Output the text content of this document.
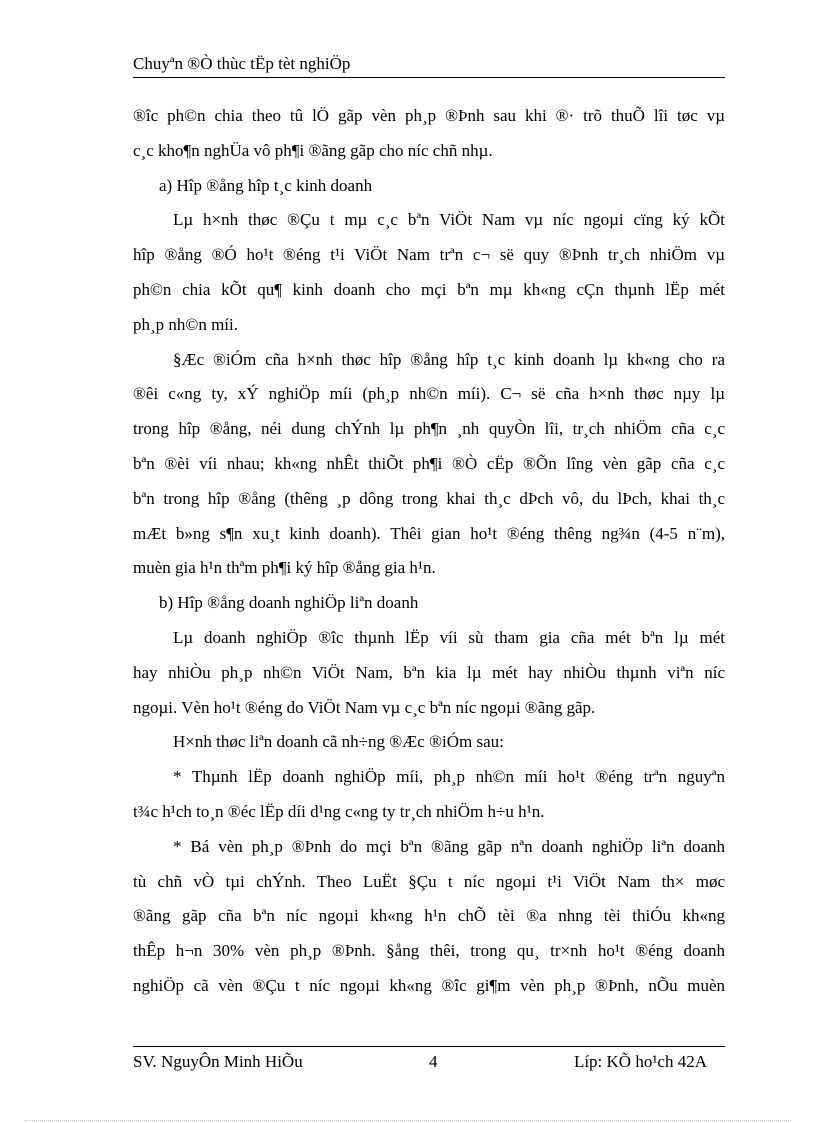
Chuyªn ®Ò thùc tËp tèt nghiÖp
®îc ph©n chia theo tû lÖ gãp vèn ph¸p ®Þnh sau khi ®· trõ thuÕ lîi tøc vµ
c¸c kho¶n nghÜa vô ph¶i ®ãng gãp cho níc chñ nhµ.
a) Hîp ®ång hîp t¸c kinh doanh
Lµ h×nh thøc ®Çu t mµ c¸c bªn ViÖt Nam vµ níc ngoµi cïng ký kÕt
hîp ®ång ®Ó ho¹t ®éng t¹i ViÖt Nam trªn c¬ së quy ®Þnh tr¸ch nhiÖm vµ
ph©n chia kÕt qu¶ kinh doanh cho mçi bªn mµ kh«ng cÇn thµnh lËp mét
ph¸p nh©n míi.
§Æc ®iÓm cña h×nh thøc hîp ®ång hîp t¸c kinh doanh lµ kh«ng cho ra
®êi c«ng ty, xÝ nghiÖp míi (ph¸p nh©n míi). C¬ së cña h×nh thøc nµy lµ
trong hîp ®ång, néi dung chÝnh lµ ph¶n ¸nh quyÒn lîi, tr¸ch nhiÖm cña c¸c
bªn ®èi víi nhau; kh«ng nhÊt thiÕt ph¶i ®Ò cËp ®Õn lîng vèn gãp cña c¸c
bªn trong hîp ®ång (thêng ¸p dông trong khai th¸c dÞch vô, du lÞch, khai th¸c
mÆt b»ng s¶n xu¸t kinh doanh). Thêi gian ho¹t ®éng thêng ng¾n (4-5 n¨m),
muèn gia h¹n thªm ph¶i ký hîp ®ång gia h¹n.
b) Hîp ®ång doanh nghiÖp liªn doanh
Lµ doanh nghiÖp ®îc thµnh lËp víi sù tham gia cña mét bªn lµ mét
hay nhiÒu ph¸p nh©n ViÖt Nam, bªn kia lµ mét hay nhiÒu thµnh viªn níc
ngoµi. Vèn ho¹t ®éng do ViÖt Nam vµ c¸c bªn níc ngoµi ®ãng gãp.
H×nh thøc liªn doanh cã nh÷ng ®Æc ®iÓm sau:
* Thµnh lËp doanh nghiÖp míi, ph¸p nh©n míi ho¹t ®éng trªn nguyªn
t¾c h¹ch to¸n ®éc lËp díi d¹ng c«ng ty tr¸ch nhiÖm h÷u h¹n.
* Bá vèn ph¸p ®Þnh do mçi bªn ®ãng gãp nªn doanh nghiÖp liªn doanh
tù chñ vÒ tµi chÝnh. Theo LuËt §Çu t níc ngoµi t¹i ViÖt Nam th× møc
®ãng gãp cña bªn níc ngoµi kh«ng h¹n chÕ tèi ®a nhng tèi thiÓu kh«ng
thÊp h¬n 30% vèn ph¸p ®Þnh. §ång thêi, trong qu¸ tr×nh ho¹t ®éng doanh
nghiÖp cã vèn ®Çu t níc ngoµi kh«ng ®îc gi¶m vèn ph¸p ®Þnh, nÕu muèn
SV. NguyÔn Minh HiÕu	4	Líp: KÕ ho¹ch 42A
